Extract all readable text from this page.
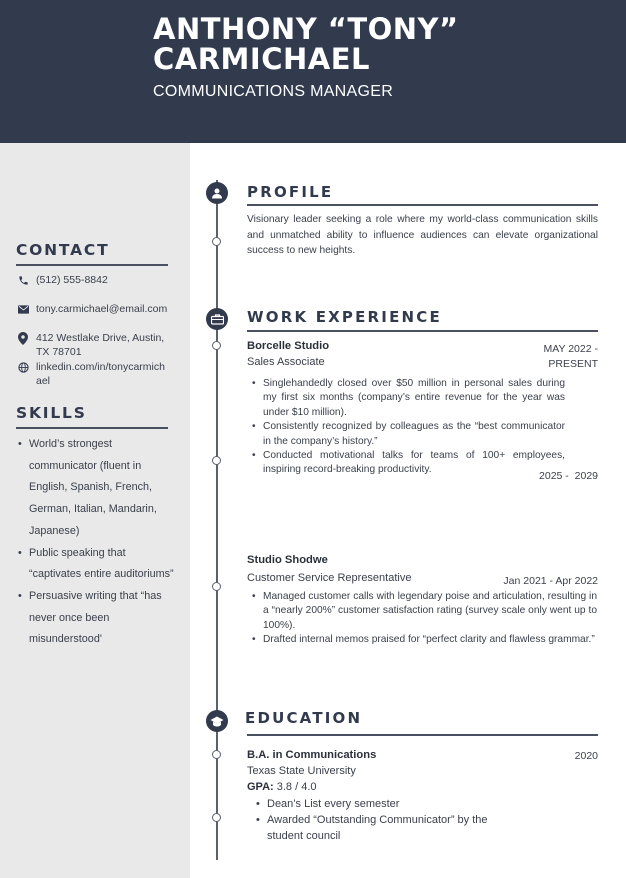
ANTHONY “TONY” CARMICHAEL
COMMUNICATIONS MANAGER
CONTACT
(512) 555-8842
tony.carmichael@email.com
412 Westlake Drive, Austin, TX 78701
linkedin.com/in/tonycarmichael
SKILLS
• World’s strongest communicator (fluent in English, Spanish, French, German, Italian, Mandarin, Japanese)
• Public speaking that “captivates entire auditoriums”
• Persuasive writing that “has never once been misunderstood'
PROFILE
Visionary leader seeking a role where my world-class communication skills and unmatched ability to influence audiences can elevate organizational success to new heights.
WORK EXPERIENCE
Borcelle Studio
Sales Associate
MAY 2022 - PRESENT
• Singlehandedly closed over $50 million in personal sales during my first six months (company’s entire revenue for the year was under $10 million).
• Consistently recognized by colleagues as the “best communicator in the company’s history.”
• Conducted motivational talks for teams of 100+ employees, inspiring record-breaking productivity.
2025 -  2029
Studio Shodwe
Customer Service Representative	Jan 2021 - Apr 2022
• Managed customer calls with legendary poise and articulation, resulting in a “nearly 200%” customer satisfaction rating (survey scale only went up to 100%).
• Drafted internal memos praised for “perfect clarity and flawless grammar.”
EDUCATION
B.A. in Communications	2020
Texas State University
GPA: 3.8 / 4.0
• Dean’s List every semester
• Awarded “Outstanding Communicator” by the student council
